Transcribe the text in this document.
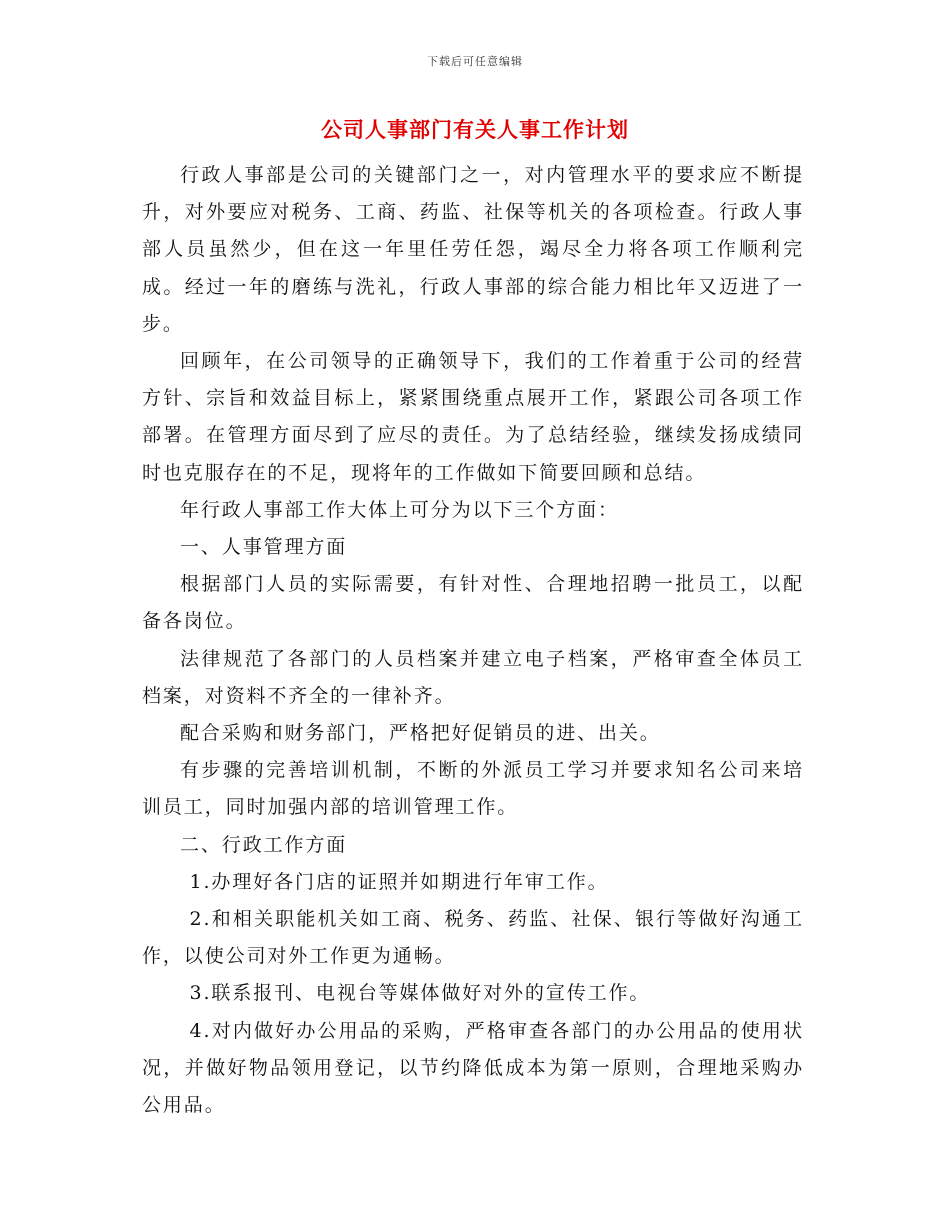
下载后可任意编辑
公司人事部门有关人事工作计划

行政人事部是公司的关键部门之一，对内管理水平的要求应不断提升，对外要应对税务、工商、药监、社保等机关的各项检查。行政人事部人员虽然少，但在这一年里任劳任怨，竭尽全力将各项工作顺利完成。经过一年的磨练与洗礼，行政人事部的综合能力相比年又迈进了一步。

回顾年，在公司领导的正确领导下，我们的工作着重于公司的经营方针、宗旨和效益目标上，紧紧围绕重点展开工作，紧跟公司各项工作部署。在管理方面尽到了应尽的责任。为了总结经验，继续发扬成绩同时也克服存在的不足，现将年的工作做如下简要回顾和总结。

年行政人事部工作大体上可分为以下三个方面：

一、人事管理方面

根据部门人员的实际需要，有针对性、合理地招聘一批员工，以配备各岗位。

法律规范了各部门的人员档案并建立电子档案，严格审查全体员工档案，对资料不齐全的一律补齐。

配合采购和财务部门，严格把好促销员的进、出关。

有步骤的完善培训机制，不断的外派员工学习并要求知名公司来培训员工，同时加强内部的培训管理工作。

二、行政工作方面

1.办理好各门店的证照并如期进行年审工作。

2.和相关职能机关如工商、税务、药监、社保、银行等做好沟通工作，以使公司对外工作更为通畅。

3.联系报刊、电视台等媒体做好对外的宣传工作。

4.对内做好办公用品的采购，严格审查各部门的办公用品的使用状况，并做好物品领用登记，以节约降低成本为第一原则，合理地采购办公用品。
